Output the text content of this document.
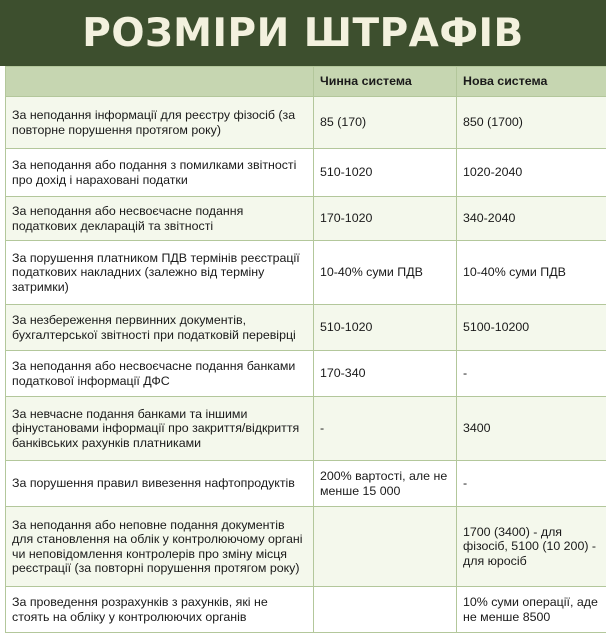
РОЗМІРИ ШТРАФІВ
	Чинна система	Нова система
За неподання інформації для реєстру фізосіб (за повторне порушення протягом року)	85 (170)	850 (1700)
За неподання або подання з помилками звітності про дохід і нараховані податки	510-1020	1020-2040
За неподання або несвоєчасне подання податкових декларацій та звітності	170-1020	340-2040
За порушення платником ПДВ термінів реєстрації податкових накладних (залежно від терміну затримки)	10-40% суми ПДВ	10-40% суми ПДВ
За незбереження первинних документів, бухгалтерської звітності при податковій перевірці	510-1020	5100-10200
За неподання або несвоєчасне подання банками податкової інформації ДФС	170-340	-
За невчасне подання банками та іншими фінустановами інформації про закриття/відкриття банківських рахунків платниками	-	3400
За порушення правил вивезення нафтопродуктів	200% вартості, але не менше 15 000	-
За неподання або неповне подання документів для становлення на облік у контролюючому органі чи неповідомлення контролерів про зміну місця реєстрації (за повторні порушення протягом року)		1700 (3400) - для фізосіб, 5100 (10 200) - для юросіб
За проведення розрахунків з рахунків, які не стоять на обліку у контролюючих органів		10% суми операції, аде не менше 8500
